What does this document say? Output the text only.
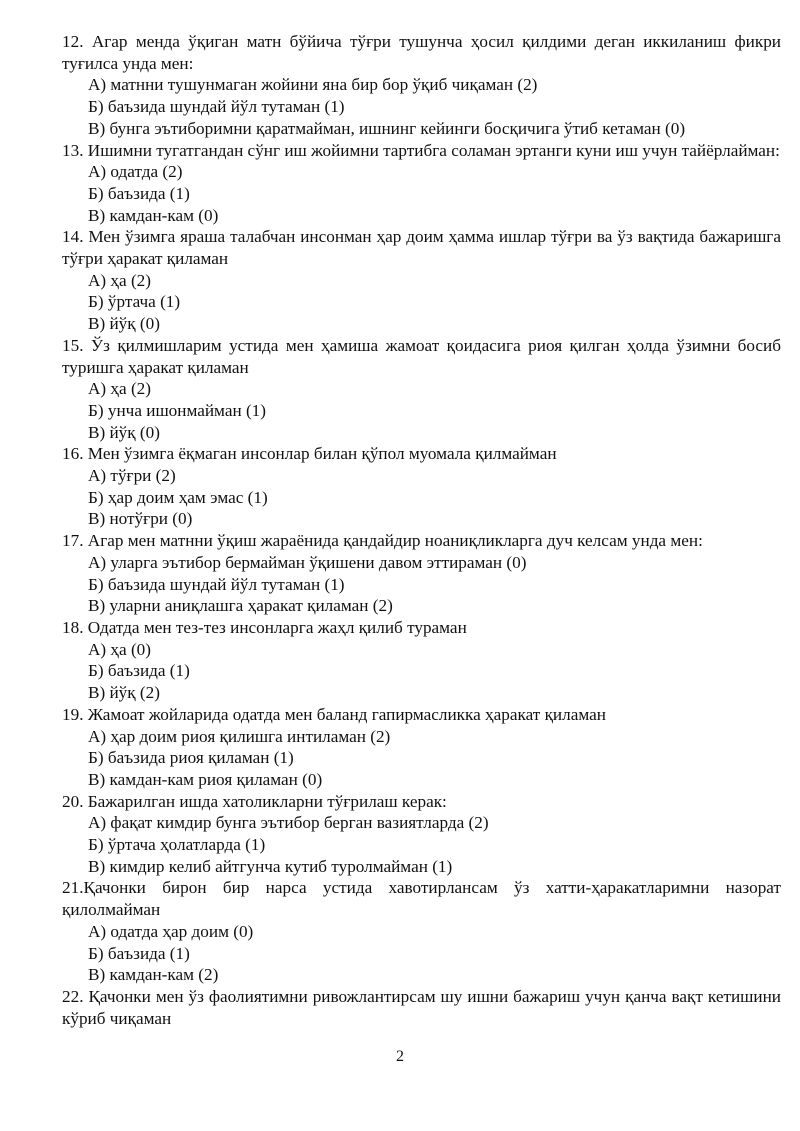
12. Агар менда ўқиган матн бўйича тўғри тушунча ҳосил қилдими деган иккиланиш фикри туғилса унда мен:

А) матнни тушунмаган жойини яна бир бор ўқиб чиқаман (2)

Б) баъзида шундай йўл тутаман (1)

В) бунга эътиборимни қаратмайман, ишнинг кейинги босқичига ўтиб кетаман (0)

13. Ишимни тугатгандан сўнг иш жойимни тартибга соламан эртанги куни иш учун тайёрлайман:

А) одатда (2)

Б) баъзида (1)

В) камдан-кам (0)

14. Мен ўзимга яраша талабчан инсонман ҳар доим ҳамма ишлар тўғри ва ўз вақтида бажаришга тўғри ҳаракат қиламан

А) ҳа (2)

Б) ўртача (1)

В) йўқ (0)

15. Ўз қилмишларим устида мен ҳамиша жамоат қоидасига риоя қилган ҳолда ўзимни босиб туришга ҳаракат қиламан

А) ҳа (2)

Б) унча ишонмайман (1)

В) йўқ (0)

16. Мен ўзимга ёқмаган инсонлар билан қўпол муомала қилмайман

А) тўғри (2)

Б) ҳар доим ҳам эмас (1)

В) нотўғри (0)

17. Агар мен матнни ўқиш жараёнида қандайдир ноаниқликларга дуч келсам унда мен:

А) уларга эътибор бермайман ўқишени давом эттираман (0)

Б) баъзида шундай йўл тутаман (1)

В) уларни аниқлашга ҳаракат қиламан (2)

18. Одатда мен тез-тез инсонларга жаҳл қилиб тураман

А) ҳа (0)

Б) баъзида (1)

В) йўқ (2)

19. Жамоат жойларида одатда мен баланд гапирмасликка ҳаракат қиламан

А) ҳар доим риоя қилишга интиламан (2)

Б) баъзида риоя қиламан (1)

В) камдан-кам риоя қиламан (0)

20. Бажарилган ишда хатоликларни тўғрилаш керак:

А) фақат кимдир бунга эътибор берган вазиятларда (2)

Б) ўртача ҳолатларда (1)

В) кимдир келиб айтгунча кутиб туролмайман (1)

21.Қачонки бирон бир нарса устида хавотирлансам ўз хатти-ҳаракатларимни назорат қилолмайман

А) одатда ҳар доим (0)

Б) баъзида (1)

В) камдан-кам (2)

22. Қачонки мен ўз фаолиятимни ривожлантирсам шу ишни бажариш учун қанча вақт кетишини кўриб чиқаман

2
